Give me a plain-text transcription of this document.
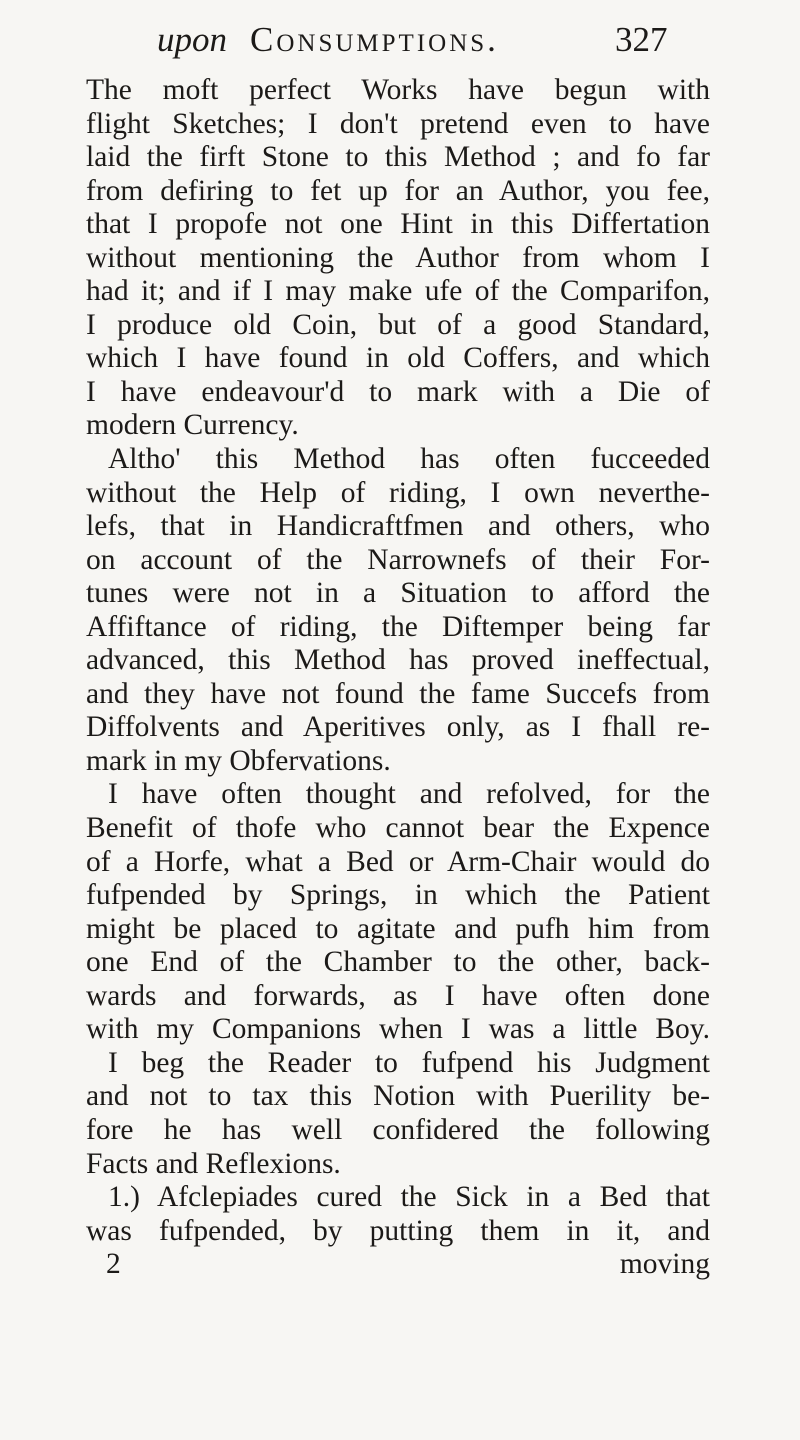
upon Consumptions.	327
The moft perfect Works have begun with
flight Sketches; I don't pretend even to have
laid the firft Stone to this Method ; and fo far
from defiring to fet up for an Author, you fee,
that I propofe not one Hint in this Differtation
without mentioning the Author from whom I
had it; and if I may make ufe of the Comparifon,
I produce old Coin, but of a good Standard,
which I have found in old Coffers, and which
I have endeavour'd to mark with a Die of
modern Currency.
Altho' this Method has often fucceeded
without the Help of riding, I own neverthe-
lefs, that in Handicraftfmen and others, who
on account of the Narrownefs of their For-
tunes were not in a Situation to afford the
Affiftance of riding, the Diftemper being far
advanced, this Method has proved ineffectual,
and they have not found the fame Succefs from
Diffolvents and Aperitives only, as I fhall re-
mark in my Obfervations.
I have often thought and refolved, for the
Benefit of thofe who cannot bear the Expence
of a Horfe, what a Bed or Arm-Chair would do
fufpended by Springs, in which the Patient
might be placed to agitate and pufh him from
one End of the Chamber to the other, back-
wards and forwards, as I have often done
with my Companions when I was a little Boy.
I beg the Reader to fufpend his Judgment
and not to tax this Notion with Puerility be-
fore he has well confidered the following
Facts and Reflexions.
1.) Afclepiades cured the Sick in a Bed that
was fufpended, by putting them in it, and
2	moving
